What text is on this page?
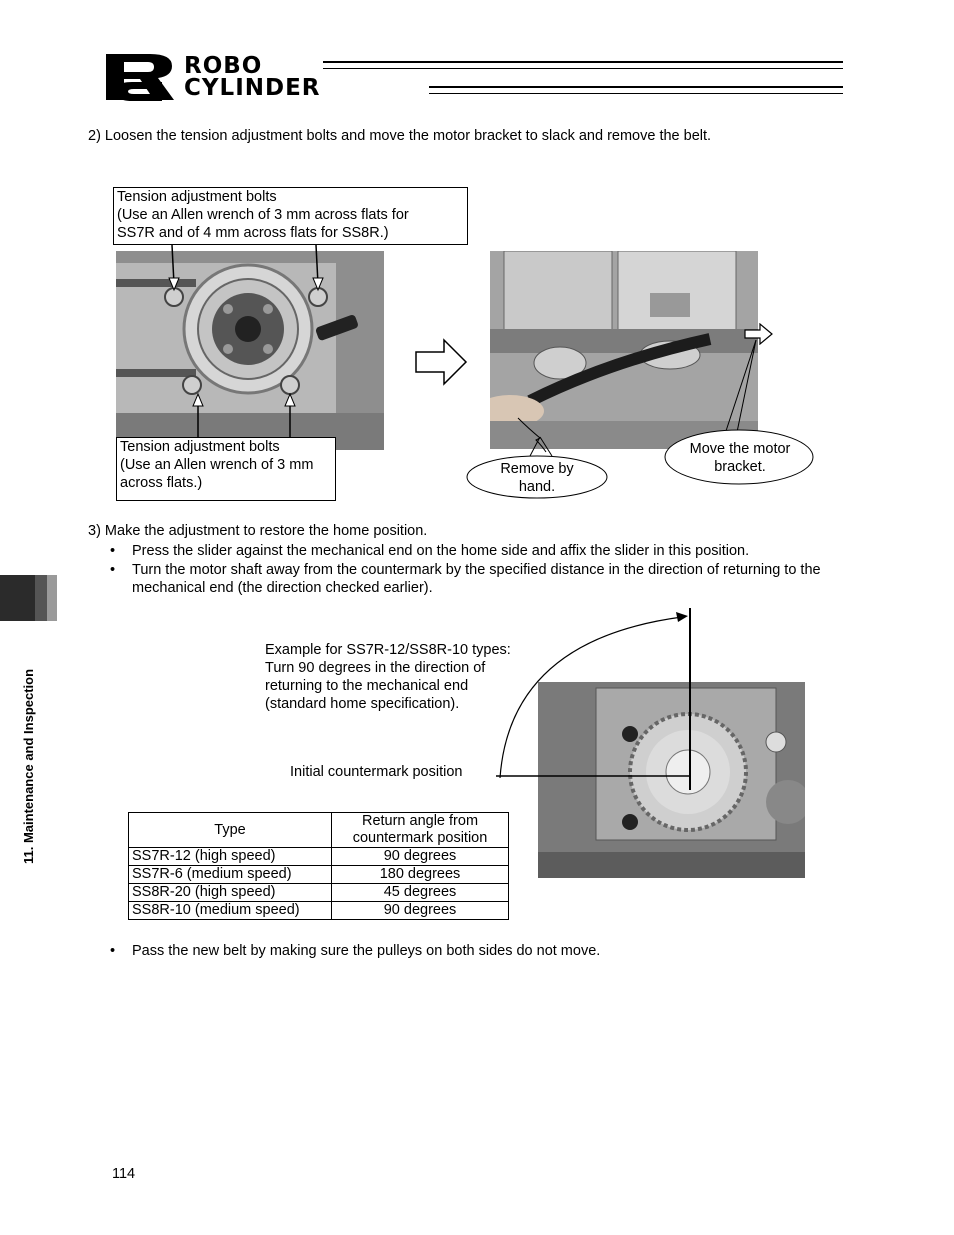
ROBO
CYLINDER
2) Loosen the tension adjustment bolts and move the motor bracket to slack and remove the belt.
Tension adjustment bolts
(Use an Allen wrench of 3 mm across flats for
SS7R and of 4 mm across flats for SS8R.)
Tension adjustment bolts
(Use an Allen wrench of 3 mm
across flats.)
Remove by
hand.
Move the motor
bracket.
3) Make the adjustment to restore the home position.
•	Press the slider against the mechanical end on the home side and affix the slider in this position.
•	Turn the motor shaft away from the countermark by the specified distance in the direction of returning to the mechanical end (the direction checked earlier).
Example for SS7R-12/SS8R-10 types:
Turn 90 degrees in the direction of
returning to the mechanical end
(standard home specification).
Initial countermark position
Type	Return angle from
countermark position

SS7R-12 (high speed)	90 degrees
SS7R-6 (medium speed)	180 degrees
SS8R-20 (high speed)	45 degrees
SS8R-10 (medium speed)	90 degrees
•	Pass the new belt by making sure the pulleys on both sides do not move.
11. Maintenance and Inspection
114
